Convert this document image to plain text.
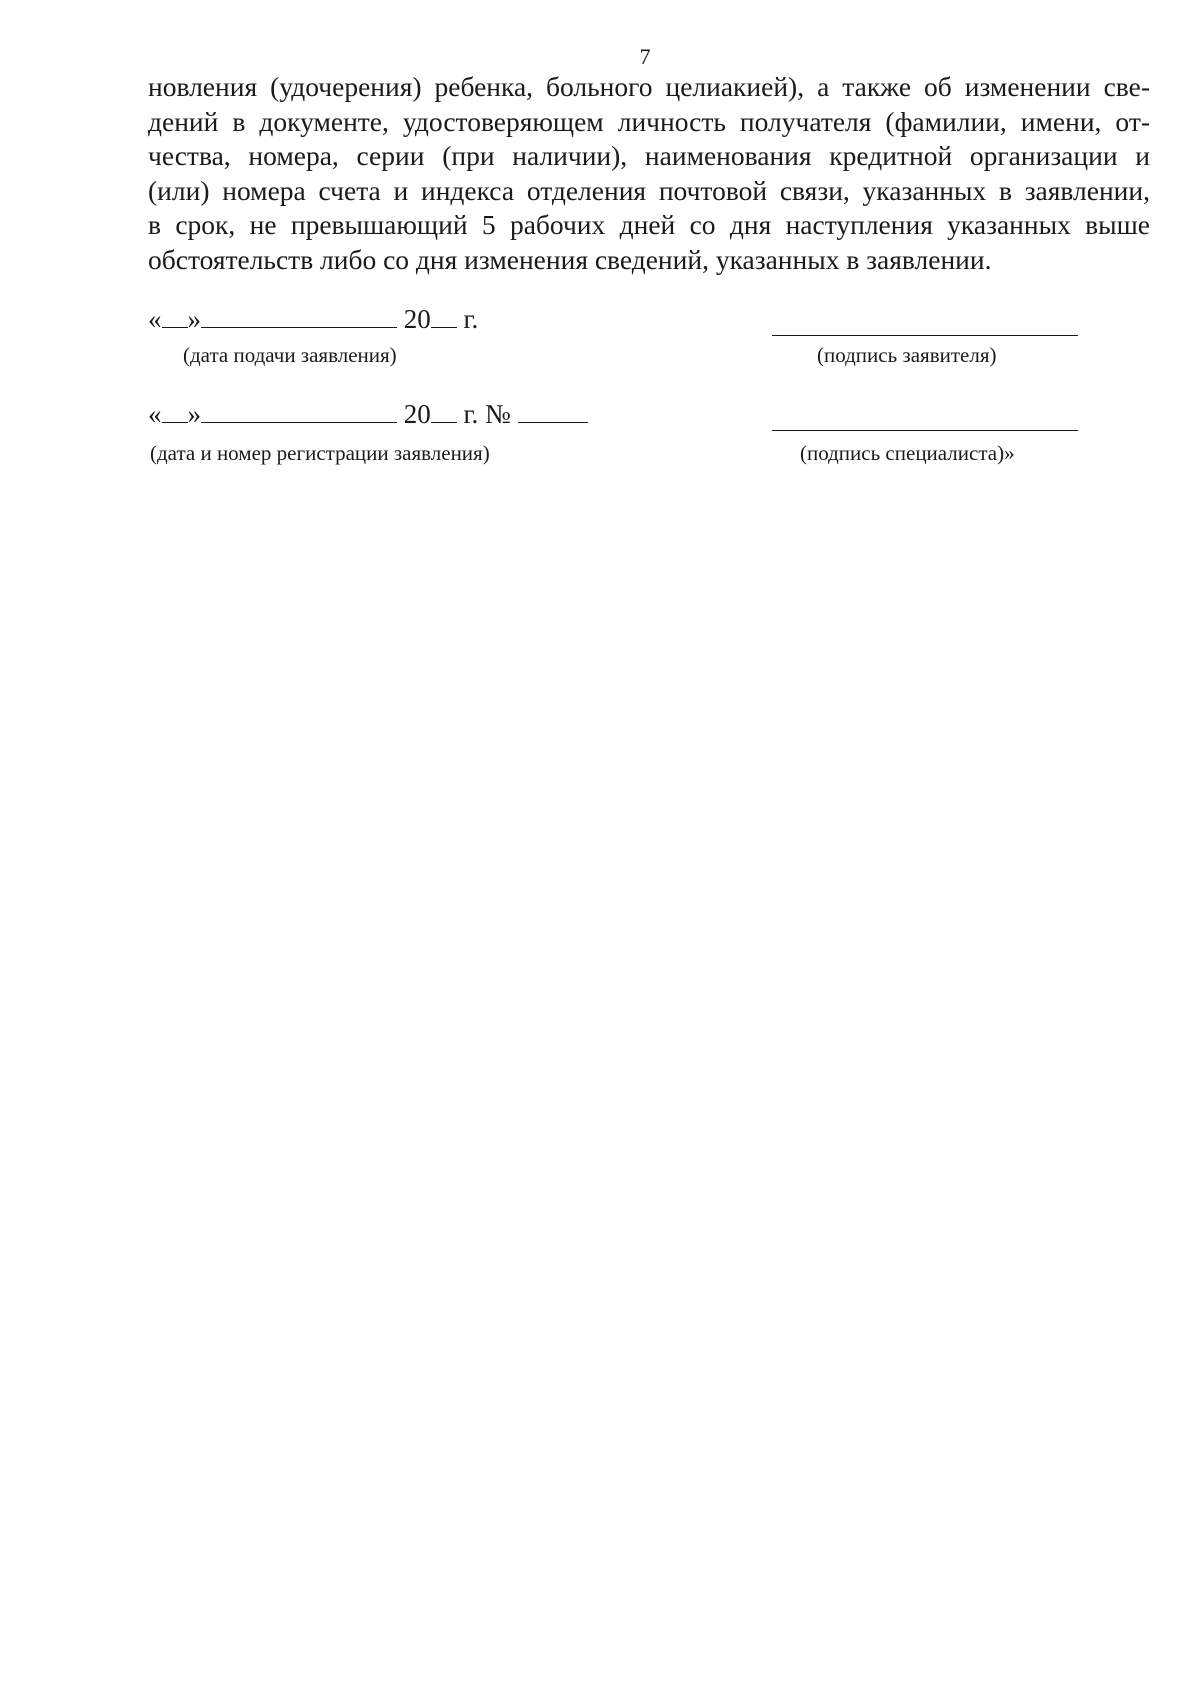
7

новления (удочерения) ребенка, больного целиакией), а также об изменении све-
дений в документе, удостоверяющем личность получателя (фамилии, имени, от-
чества, номера, серии (при наличии), наименования кредитной организации и
(или) номера счета и индекса отделения почтовой связи, указанных в заявлении,
в срок, не превышающий 5 рабочих дней со дня наступления указанных выше
обстоятельств либо со дня изменения сведений, указанных в заявлении.

« »	20 г.
(дата подачи заявления)	(подпись заявителя)
« »	20 г. №
(дата и номер регистрации заявления)	(подпись специалиста)»
